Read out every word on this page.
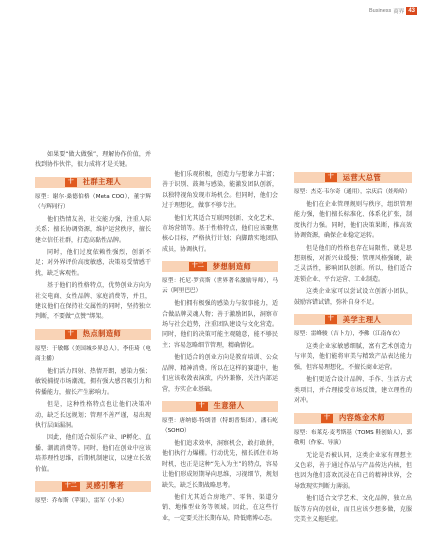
Business 商界 43

如果要“做大做强”，理解协作价值，并找到协作伙伴，很力成将才是关键。

十	社群主理人

原型：谢尔·桑德伯格（Meta COO），董宇辉（与辉同行）

他们热情友善，社交能力强，注重人际关系；擅长协调资源，维护运营秩序，擅长建立信任社群，打造高黏性品牌。

同时，他们过度依赖性强烈，创新不足；对外界评价高度敏感，决策易受情感干扰，缺乏客观性。

基于他们的性格特点，优势创业方向为社交电商、女性品牌、家庭消费等，并且，建议他们在保持社交属性的同时，坚持独立判断，不要做“点赞”绑架。

十	热点制造师

原型：于敏娜（美国城乡界总人），李佳琦（电商主播）

他们活力四射、热情开朗，感染力强；敏锐捕捉市场潮流，拥有强大感召吸引力和传播能力，擅长产生影响力。

但是，这种性格特点也让他们决策冲动，缺乏长远规划；管理不善严谨，易出现执行层面漏洞。

因此，他们适合娱乐产业、IP孵化、直播、潮流消费等。同时，他们在创业中应该培养理性思维，后期机制建议，以建立长效价值。

十二	灵感引擎者

原型：乔布斯（苹果），雷军（小米）

他们乐观积极，创造力与想象力丰富；善于识别、鼓舞与感染，能激发团队创新，以独特视角发现市场机会。但同时，他们会过于理想化，做事不够专注。

他们尤其适合互联网创新、文化艺术、市场营销等。基于性格特点，他们应该聚焦核心目标，严格执行计划；向脚踏实地团队成员，协调执行。

十二	梦想制造师

原型：托尼·罗宾斯（世界著名激励导师），马云（阿里巴巴）

他们拥有极强的感染力与叙事能力，适合做品牌灵魂人物；善于激励团队，洞察市场与社会趋势，注重团队建设与文化营造。同时，他们的决策可能主观随意，能不够民主；容易忽略细节管理，精确情化。

他们适合的创业方向是教育培训、公众品牌、精神消费。所以在这样的赛道中，他们应该收敛表演欲，内外兼修，关注内部运营，夯实企业基础。

十	生意猎人

原型：唐纳德·特朗普（特朗普集团），潘石屹（SOHO）

他们追求效率，洞察机会，敢打敢拼，他们执行力爆棚。行动优先，擅长抓住市场时机，也正是这种“先入为主”的特点，容易让他们形成短期导向思维，习视细节，规划缺失，缺乏长期战略思考。

他们尤其适合房地产、零售、渠道分销、地推型业务等领域。因此，在这些行业，一定要关注长期布局，降低赌博心态。

十	运营大总管

原型：杰克·韦尔奇（通用），宗庆后（娃哈哈）

他们在企业管理规则与秩序，组织管理能力强，他们擅长标准化、体系化扩张，制度执行力强。同时，他们决策果断，推高效协调资源，确保企业稳定运转。

但是他们的性格也存在局限性，就是思想刻板，对新兴业缓慢；管理风格强硬，缺乏灵活性，影响团队创新。所以，他们适合连锁企业、平台运营、工业制造。

这类企业家可以尝试设立创新小团队，鼓励容错试错，弥补自身不足。

十	美学主理人

原型：雷峰骏（吉卜力），李佛（江南布衣）

这类企业家敏感细腻，富有艺术创造力与审美，他们能将审美与精致产品表达能力强，但容易理想化，不擅长商业运营。

他们更适合设计品牌、手作、生活方式类项目，并合理接受市场反馈，建立理性的对冲。

十	内容炼金术师

原型：布莱克·麦考斯基（TOMS 鞋创始人），郭敬明（作家、导演）

无论是否被认同，这类企业家有理想主义色彩，善于通过作品与产品传达内核，但也因为他们喜欢沉浸在自己的精神世界，会导致现实判断力薄弱。

他们适合文学艺术、文化品牌，独立出版等方向的创业，而且应该少想多做，克服完美主义拖延症。
